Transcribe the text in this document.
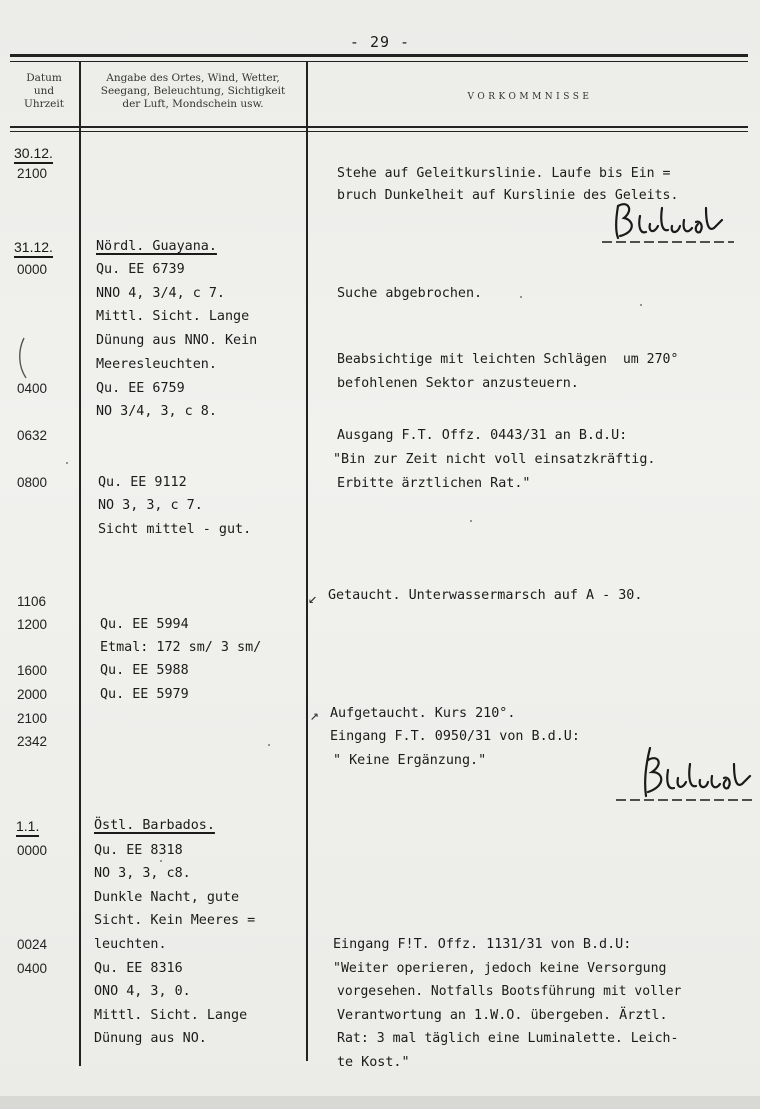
- 29 -
Datum
und
Uhrzeit
Angabe des Ortes, Wind, Wetter,
Seegang, Beleuchtung, Sichtigkeit
der Luft, Mondschein usw.
VORKOMMNISSE
30.12.
31.12.
1.1.
2100
0000
0400
0632
0800
1106
1200
1600
2000
2100
2342
0000
0024
0400
Nördl. Guayana.
Qu. EE 6739
NNO 4, 3/4, c 7.
Mittl. Sicht. Lange
Dünung aus NNO. Kein
Meeresleuchten.
Qu. EE 6759
NO 3/4, 3, c 8.
Qu. EE 9112
NO 3, 3, c 7.
Sicht mittel - gut.
Qu. EE 5994
Etmal: 172 sm/ 3 sm/
Qu. EE 5988
Qu. EE 5979
Östl. Barbados.
Qu. EE 8318
NO 3, 3, c8.
Dunkle Nacht, gute
Sicht. Kein Meeres =
leuchten.
Qu. EE 8316
ONO 4, 3, 0.
Mittl. Sicht. Lange
Dünung aus NO.
Stehe auf Geleitkurslinie. Laufe bis Ein =
bruch Dunkelheit auf Kurslinie des Geleits.
Suche abgebrochen.
Beabsichtige mit leichten Schlägen  um 270°
befohlenen Sektor anzusteuern.
Ausgang F.T. Offz. 0443/31 an B.d.U:
"Bin zur Zeit nicht voll einsatzkräftig.
Erbitte ärztlichen Rat."
↙ Getaucht. Unterwassermarsch auf A - 30.
↗ Aufgetaucht. Kurs 210°.
Eingang F.T. 0950/31 von B.d.U:
" Keine Ergänzung."
Eingang F!T. Offz. 1131/31 von B.d.U:
"Weiter operieren, jedoch keine Versorgung
vorgesehen. Notfalls Bootsführung mit voller
Verantwortung an 1.W.O. übergeben. Ärztl.
Rat: 3 mal täglich eine Luminalette. Leich-
te Kost."
